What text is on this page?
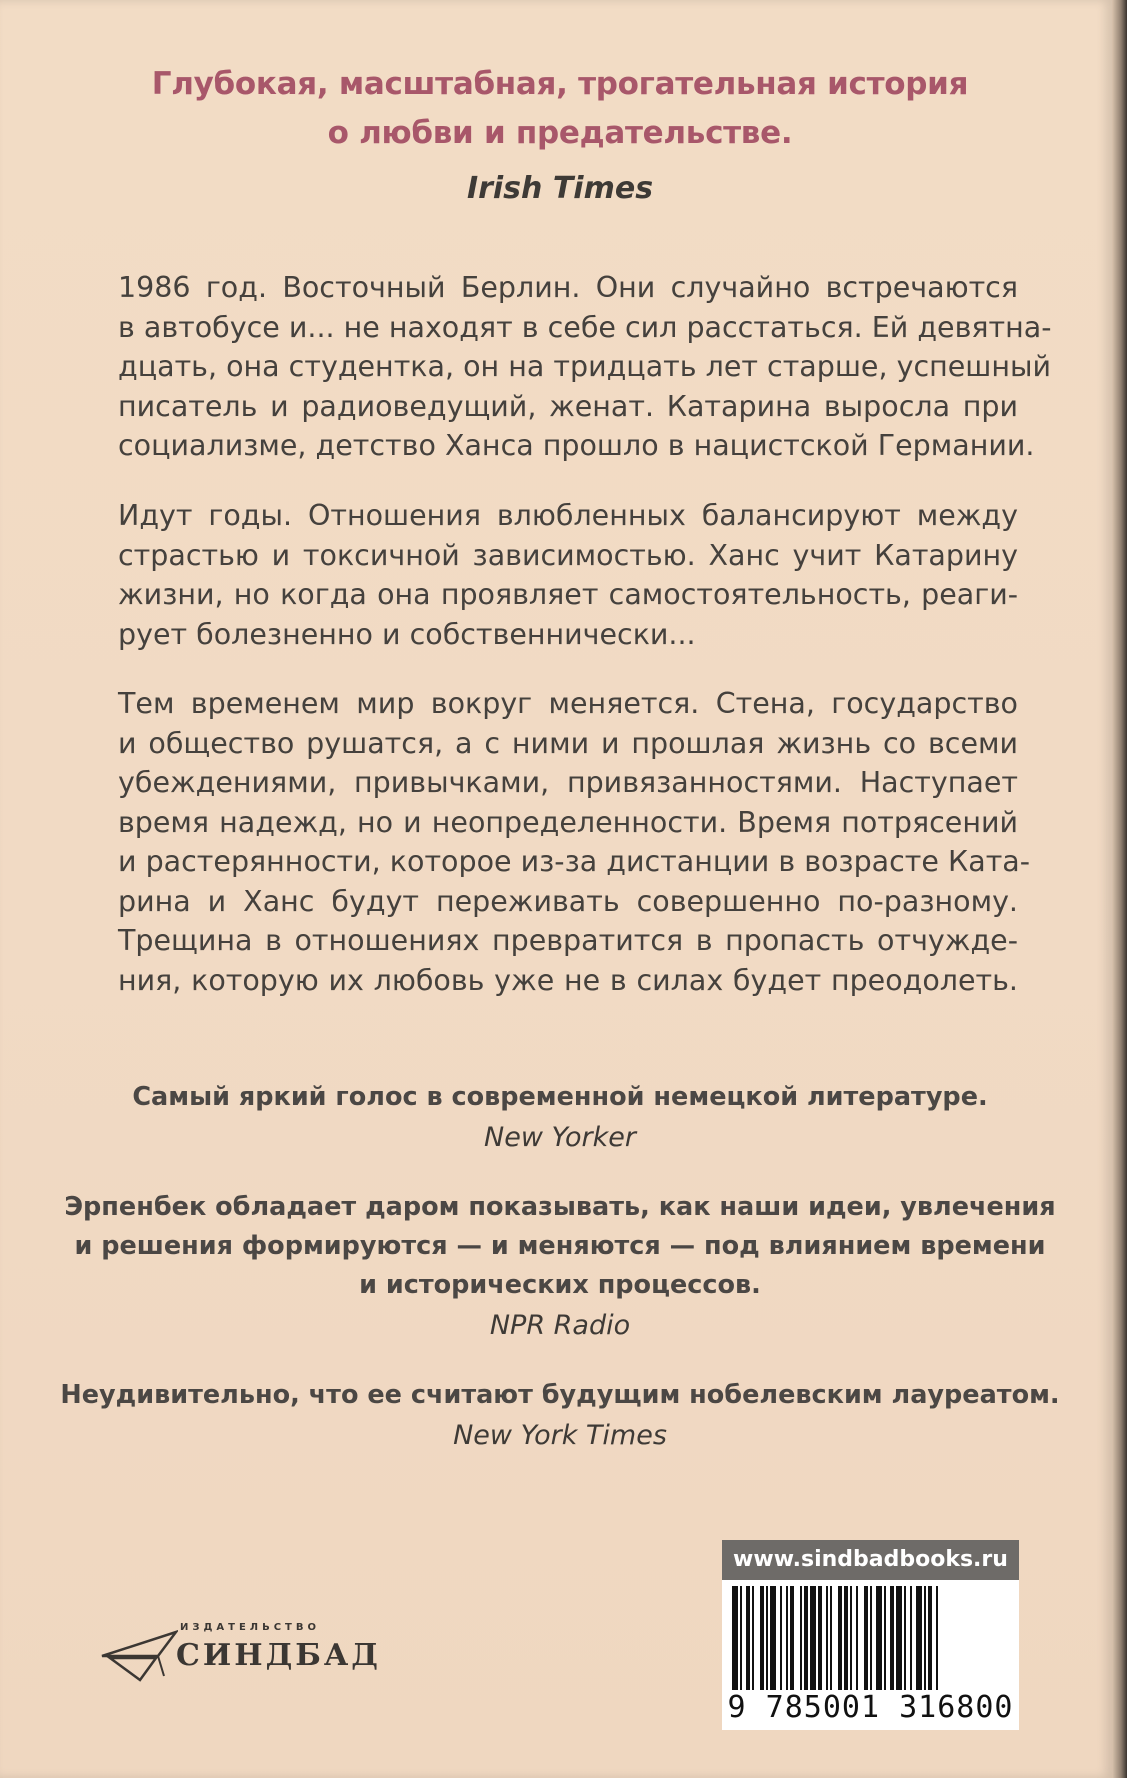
Глубокая, масштабная, трогательная история
о любви и предательстве.
Irish Times
1986 год. Восточный Берлин. Они случайно встречаются
в автобусе и... не находят в себе сил расстаться. Ей девятна-
дцать, она студентка, он на тридцать лет старше, успешный
писатель и радиоведущий, женат. Катарина выросла при
социализме, детство Ханса прошло в нацистской Германии.
Идут годы. Отношения влюбленных балансируют между
страстью и токсичной зависимостью. Ханс учит Катарину
жизни, но когда она проявляет самостоятельность, реаги-
рует болезненно и собственнически...
Тем временем мир вокруг меняется. Стена, государство
и общество рушатся, а с ними и прошлая жизнь со всеми
убеждениями, привычками, привязанностями. Наступает
время надежд, но и неопределенности. Время потрясений
и растерянности, которое из-за дистанции в возрасте Ката-
рина и Ханс будут переживать совершенно по-разному.
Трещина в отношениях превратится в пропасть отчужде-
ния, которую их любовь уже не в силах будет преодолеть.
Самый яркий голос в современной немецкой литературе.
New Yorker
Эрпенбек обладает даром показывать, как наши идеи, увлечения
и решения формируются — и меняются — под влиянием времени
и исторических процессов.
NPR Radio
Неудивительно, что ее считают будущим нобелевским лауреатом.
New York Times
ИЗДАТЕЛЬСТВО
СИНДБАД
www.sindbadbooks.ru
9 785001 316800
